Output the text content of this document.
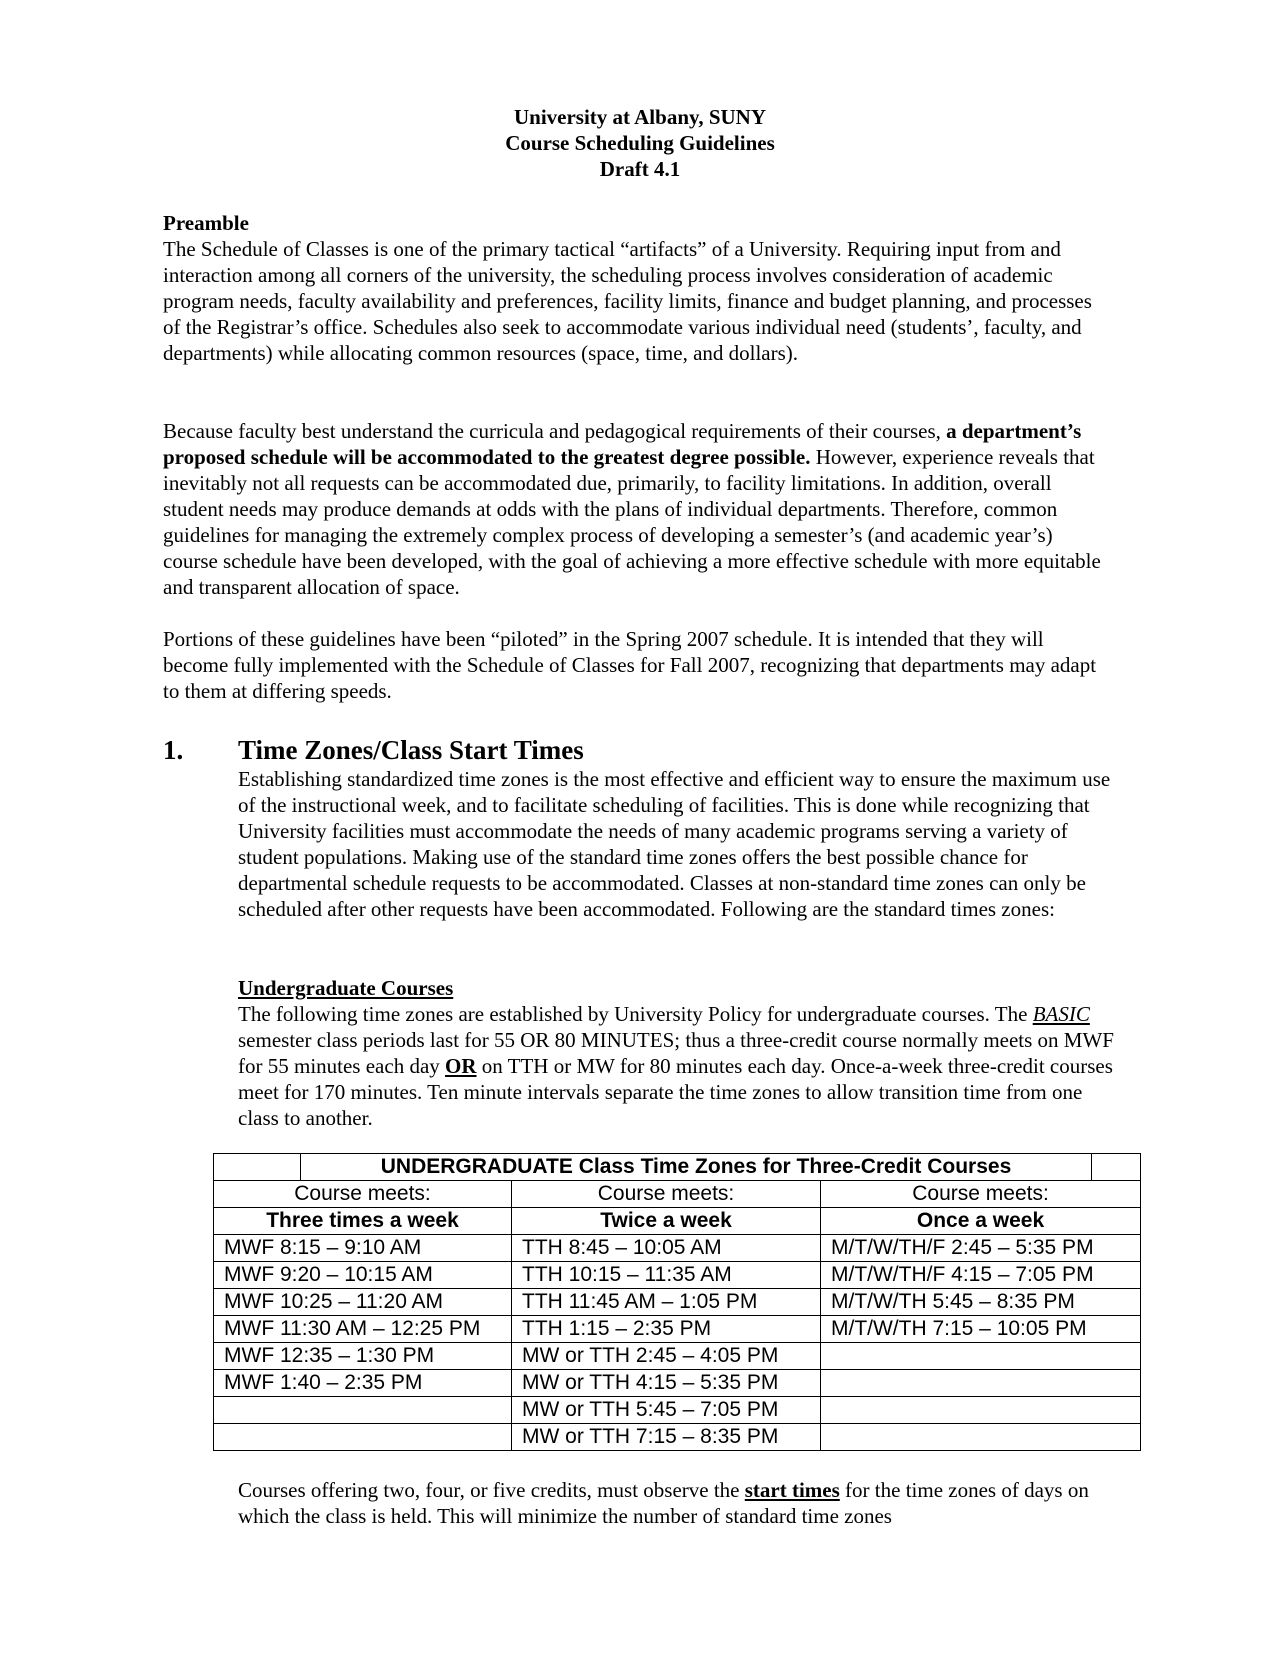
University at Albany, SUNY
Course Scheduling Guidelines
Draft 4.1
Preamble
The Schedule of Classes is one of the primary tactical “artifacts” of a University. Requiring input from and interaction among all corners of the university, the scheduling process involves consideration of academic program needs, faculty availability and preferences, facility limits, finance and budget planning, and processes of the Registrar’s office. Schedules also seek to accommodate various individual need (students’, faculty, and departments) while allocating common resources (space, time, and dollars).
Because faculty best understand the curricula and pedagogical requirements of their courses, a department’s proposed schedule will be accommodated to the greatest degree possible. However, experience reveals that inevitably not all requests can be accommodated due, primarily, to facility limitations. In addition, overall student needs may produce demands at odds with the plans of individual departments. Therefore, common guidelines for managing the extremely complex process of developing a semester’s (and academic year’s) course schedule have been developed, with the goal of achieving a more effective schedule with more equitable and transparent allocation of space.
Portions of these guidelines have been “piloted” in the Spring 2007 schedule. It is intended that they will become fully implemented with the Schedule of Classes for Fall 2007, recognizing that departments may adapt to them at differing speeds.
1. Time Zones/Class Start Times
Establishing standardized time zones is the most effective and efficient way to ensure the maximum use of the instructional week, and to facilitate scheduling of facilities. This is done while recognizing that University facilities must accommodate the needs of many academic programs serving a variety of student populations. Making use of the standard time zones offers the best possible chance for departmental schedule requests to be accommodated. Classes at non-standard time zones can only be scheduled after other requests have been accommodated. Following are the standard times zones:
Undergraduate Courses
The following time zones are established by University Policy for undergraduate courses. The BASIC semester class periods last for 55 OR 80 MINUTES; thus a three-credit course normally meets on MWF for 55 minutes each day OR on TTH or MW for 80 minutes each day. Once-a-week three-credit courses meet for 170 minutes. Ten minute intervals separate the time zones to allow transition time from one class to another.
UNDERGRADUATE Class Time Zones for Three-Credit Courses		

Course meets:	Course meets:	Course meets:
Three times a week	Twice a week	Once a week
MWF 8:15 – 9:10 AM	TTH 8:45 – 10:05 AM	M/T/W/TH/F 2:45 – 5:35 PM
MWF 9:20 – 10:15 AM	TTH 10:15 – 11:35 AM	M/T/W/TH/F 4:15 – 7:05 PM
MWF 10:25 – 11:20 AM	TTH 11:45 AM – 1:05 PM	M/T/W/TH 5:45 – 8:35 PM
MWF 11:30 AM – 12:25 PM	TTH 1:15 – 2:35 PM	M/T/W/TH 7:15 – 10:05 PM
MWF 12:35 – 1:30 PM	MW or TTH 2:45 – 4:05 PM	
MWF 1:40 – 2:35 PM	MW or TTH 4:15 – 5:35 PM	
	MW or TTH 5:45 – 7:05 PM	
	MW or TTH 7:15 – 8:35 PM	
Courses offering two, four, or five credits, must observe the start times for the time zones of days on which the class is held. This will minimize the number of standard time zones
